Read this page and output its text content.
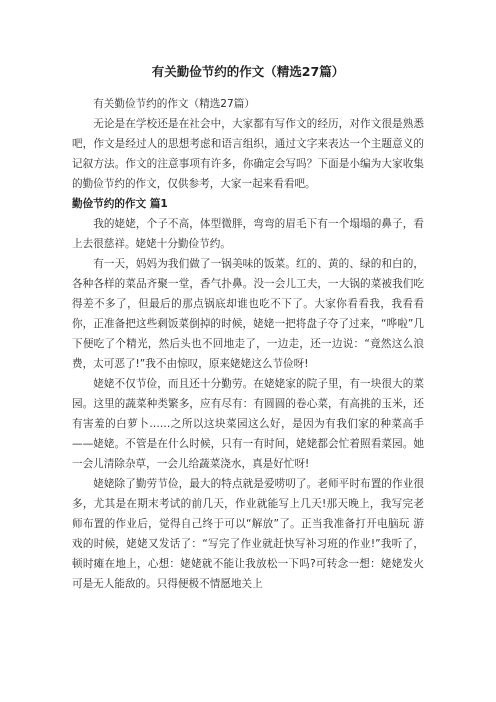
有关勤俭节约的作文（精选27篇）

有关勤俭节约的作文（精选27篇）

无论是在学校还是在社会中，大家都有写作文的经历，对作文很是熟悉吧，作文是经过人的思想考虑和语言组织，通过文字来表达一个主题意义的记叙方法。作文的注意事项有许多，你确定会写吗？下面是小编为大家收集的勤俭节约的作文，仅供参考，大家一起来看看吧。

勤俭节约的作文 篇1

我的姥姥，个子不高，体型微胖，弯弯的眉毛下有一个塌塌的鼻子，看上去很慈祥。姥姥十分勤俭节约。

有一天，妈妈为我们做了一锅美味的饭菜。红的、黄的、绿的和白的，各种各样的菜品齐聚一堂，香气扑鼻。没一会儿工夫，一大锅的菜被我们吃得差不多了，但最后的那点锅底却谁也吃不下了。大家你看看我，我看看你，正准备把这些剩饭菜倒掉的时候，姥姥一把将盘子夺了过来，“哗啦”几下便吃了个精光，然后头也不回地走了，一边走，还一边说：“竟然这么浪费，太可恶了!”我不由惊叹，原来姥姥这么节俭呀!

姥姥不仅节俭，而且还十分勤劳。在姥姥家的院子里，有一块很大的菜园。这里的蔬菜种类繁多，应有尽有：有圆圆的卷心菜，有高挑的玉米，还有害羞的白萝卜……之所以这块菜园这么好，是因为有我们家的种菜高手——姥姥。不管是在什么时候，只有一有时间，姥姥都会忙着照看菜园。她一会儿清除杂草，一会儿给蔬菜浇水，真是好忙呀!

姥姥除了勤劳节俭，最大的特点就是爱唠叨了。老师平时布置的作业很多，尤其是在期末考试的前几天，作业就能写上几天!那天晚上，我写完老师布置的作业后，觉得自己终于可以“解放”了。正当我准备打开电脑玩 游戏的时候，姥姥又发话了：“写完了作业就赶快写补习班的作业!”我听了，顿时瘫在地上，心想：姥姥就不能让我放松一下吗?可转念一想：姥姥发火可是无人能敌的。只得便极不情愿地关上
